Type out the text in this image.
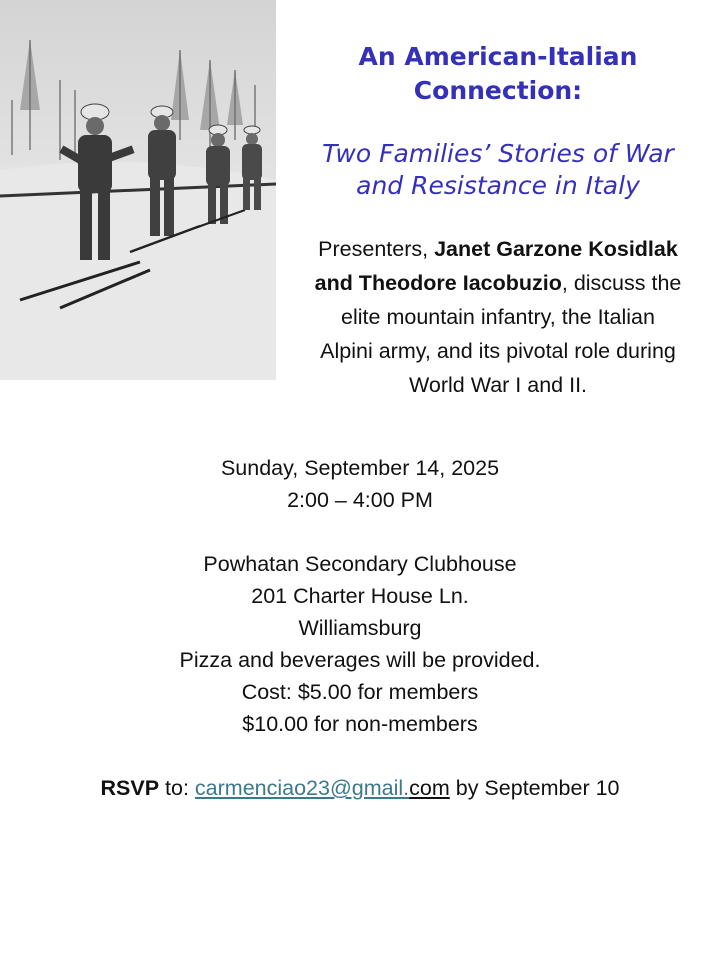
An American-Italian
Connection:
Two Families’ Stories of War
and Resistance in Italy
Presenters, Janet Garzone Kosidlak
and Theodore Iacobuzio, discuss the
elite mountain infantry, the Italian
Alpini army, and its pivotal role during
World War I and II.
Sunday, September 14, 2025
2:00 – 4:00 PM
Powhatan Secondary Clubhouse
201 Charter House Ln.
Williamsburg
Pizza and beverages will be provided.
Cost: $5.00 for members
$10.00 for non-members
RSVP to: carmenciao23@gmail.com by September 10
